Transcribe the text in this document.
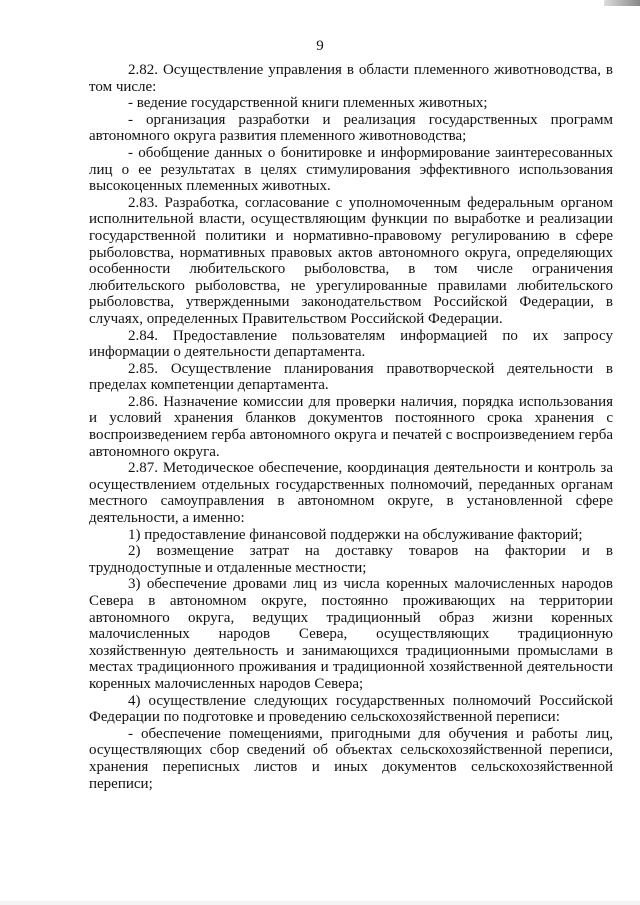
9

2.82. Осуществление управления в области племенного животноводства, в том числе:

- ведение государственной книги племенных животных;

- организация разработки и реализация государственных программ автономного округа развития племенного животноводства;

- обобщение данных о бонитировке и информирование заинтересованных лиц о ее результатах в целях стимулирования эффективного использования высокоценных племенных животных.

2.83. Разработка, согласование с уполномоченным федеральным органом исполнительной власти, осуществляющим функции по выработке и реализации государственной политики и нормативно-правовому регулированию в сфере рыболовства, нормативных правовых актов автономного округа, определяющих особенности любительского рыболовства, в том числе ограничения любительского рыболовства, не урегулированные правилами любительского рыболовства, утвержденными законодательством Российской Федерации, в случаях, определенных Правительством Российской Федерации.

2.84. Предоставление пользователям информацией по их запросу информации о деятельности департамента.

2.85. Осуществление планирования правотворческой деятельности в пределах компетенции департамента.

2.86. Назначение комиссии для проверки наличия, порядка использования и условий хранения бланков документов постоянного срока хранения с воспроизведением герба автономного округа и печатей с воспроизведением герба автономного округа.

2.87. Методическое обеспечение, координация деятельности и контроль за осуществлением отдельных государственных полномочий, переданных органам местного самоуправления в автономном округе, в установленной сфере деятельности, а именно:

1) предоставление финансовой поддержки на обслуживание факторий;

2) возмещение затрат на доставку товаров на фактории и в труднодоступные и отдаленные местности;

3) обеспечение дровами лиц из числа коренных малочисленных народов Севера в автономном округе, постоянно проживающих на территории автономного округа, ведущих традиционный образ жизни коренных малочисленных народов Севера, осуществляющих традиционную хозяйственную деятельность и занимающихся традиционными промыслами в местах традиционного проживания и традиционной хозяйственной деятельности коренных малочисленных народов Севера;

4) осуществление следующих государственных полномочий Российской Федерации по подготовке и проведению сельскохозяйственной переписи:

- обеспечение помещениями, пригодными для обучения и работы лиц, осуществляющих сбор сведений об объектах сельскохозяйственной переписи, хранения переписных листов и иных документов сельскохозяйственной переписи;
